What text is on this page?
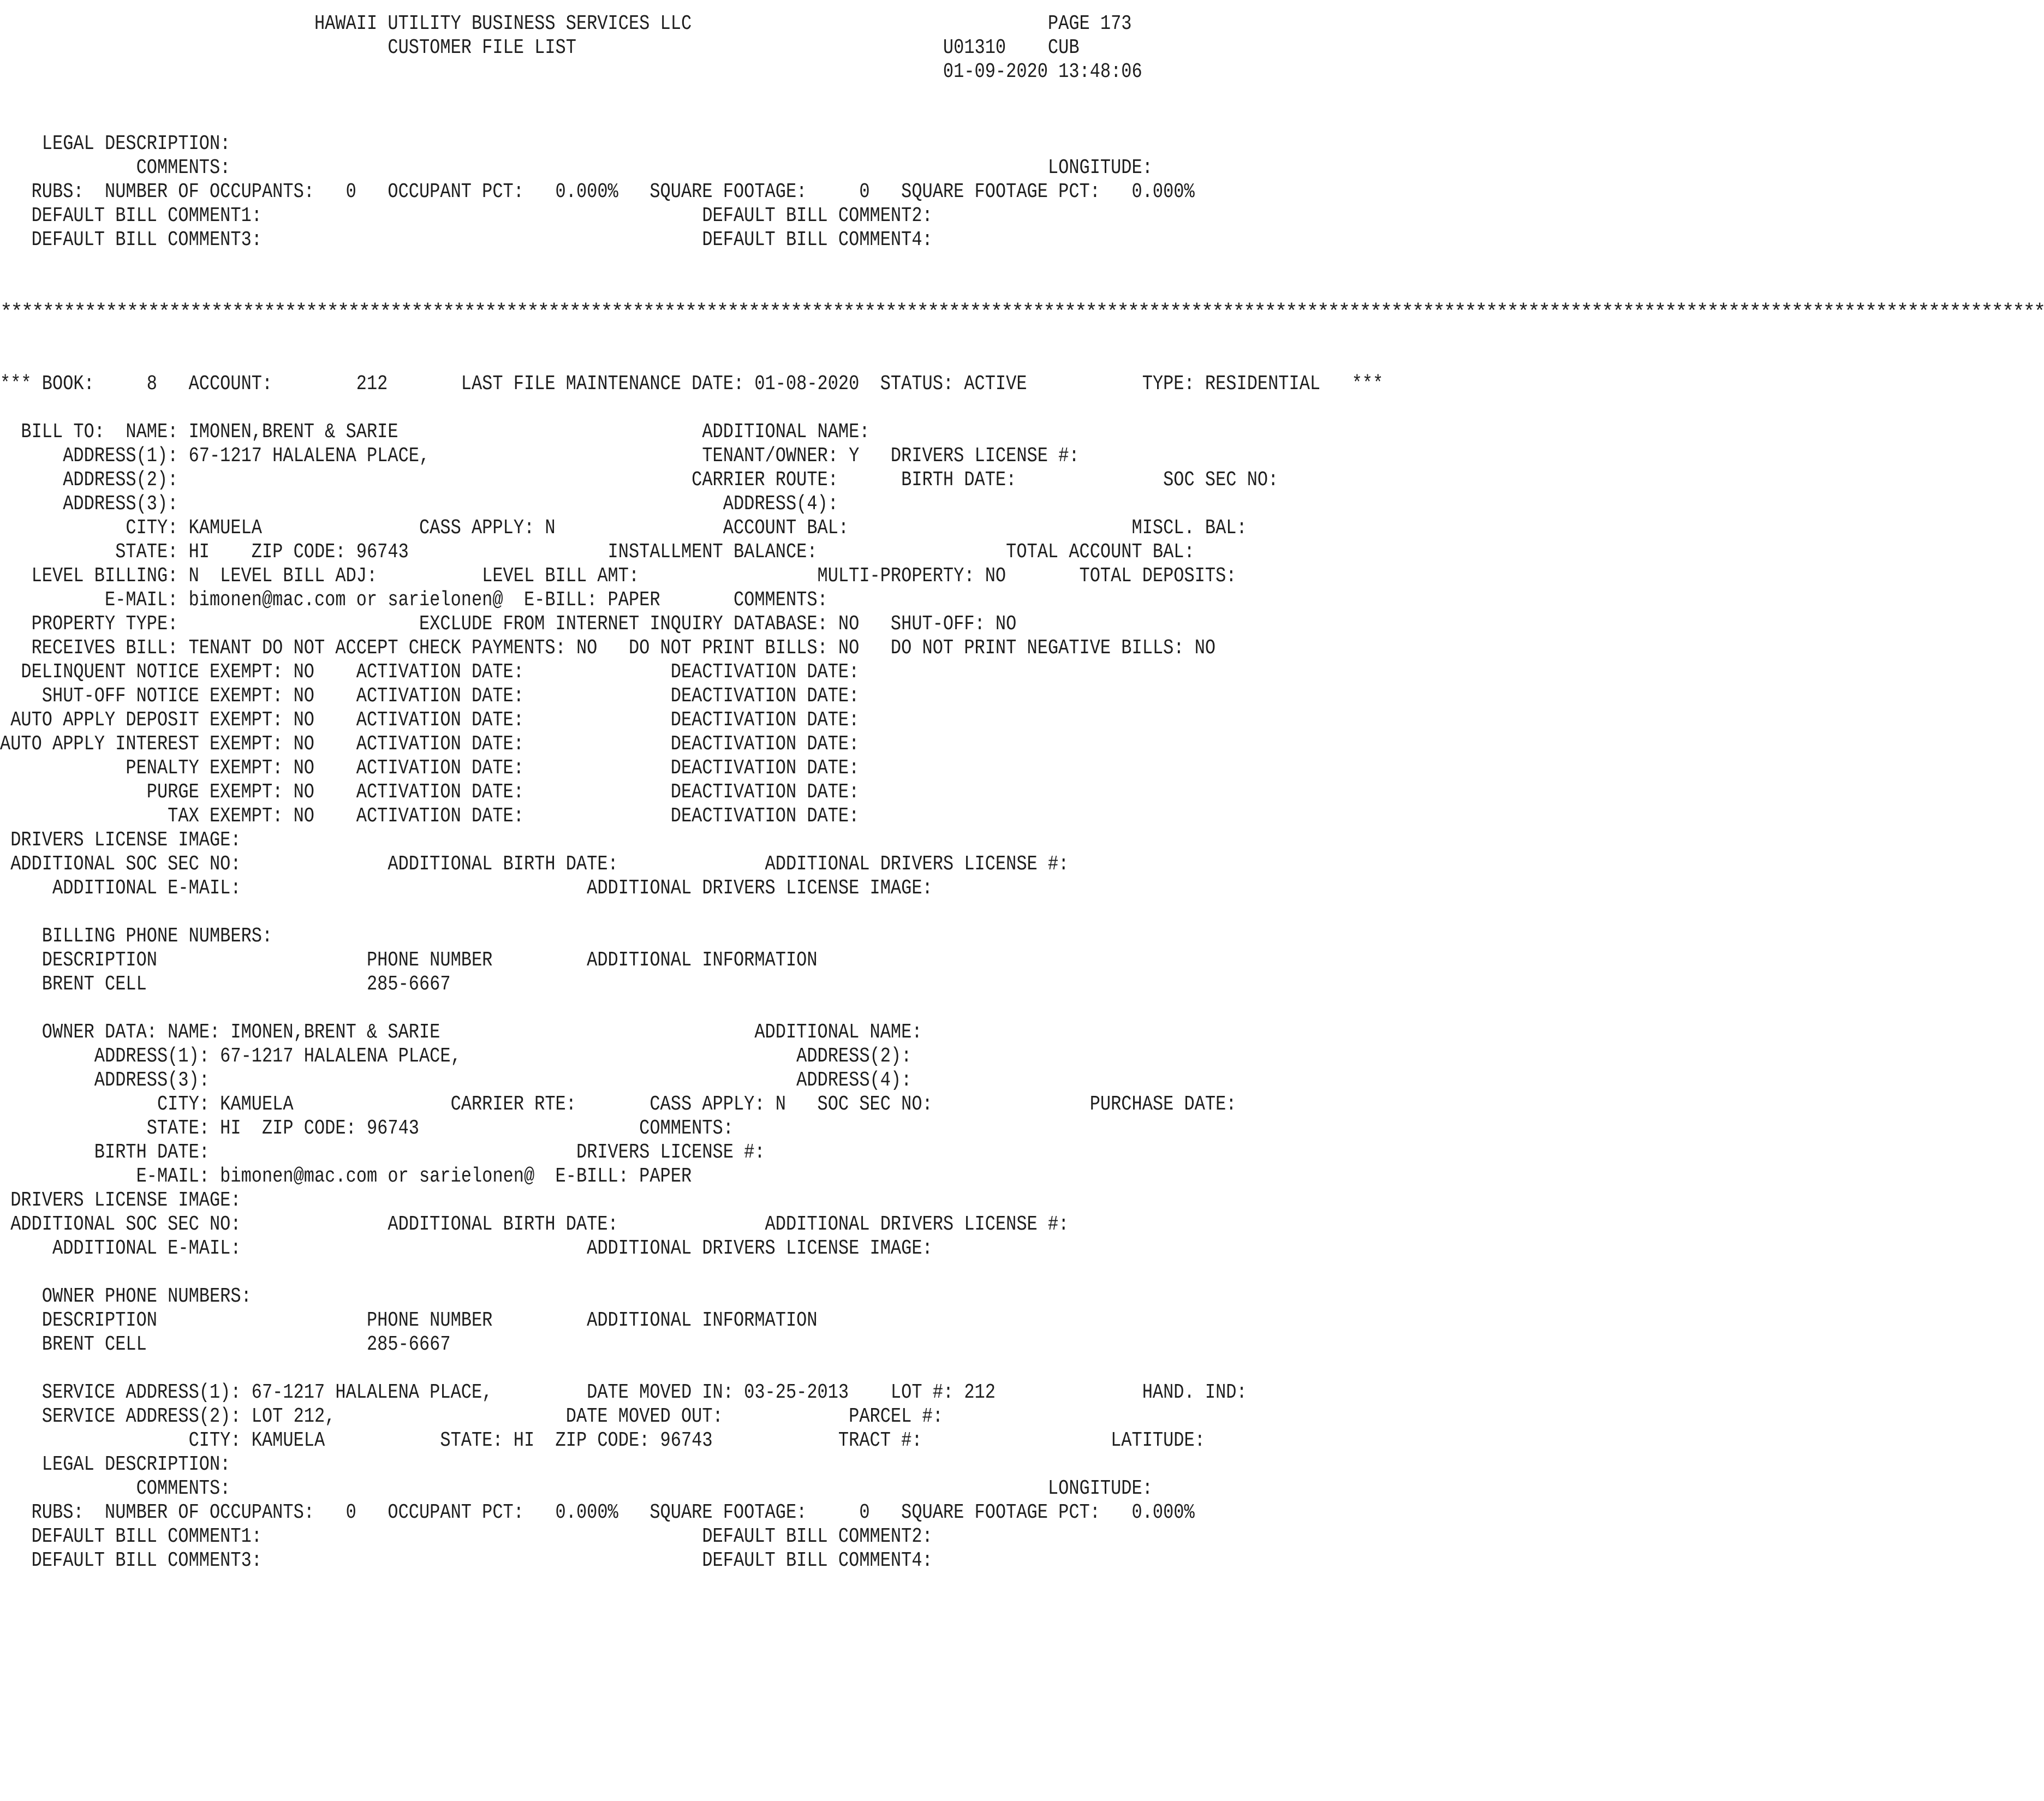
**************************************************************************************************************************************************************************************************
HAWAII UTILITY BUSINESS SERVICES LLC                                  PAGE 173
CUSTOMER FILE LIST                                   U01310    CUB
01-09-2020 13:48:06
LEGAL DESCRIPTION:
COMMENTS:                                                                              LONGITUDE:
RUBS:  NUMBER OF OCCUPANTS:   0   OCCUPANT PCT:   0.000%   SQUARE FOOTAGE:     0   SQUARE FOOTAGE PCT:   0.000%
DEFAULT BILL COMMENT1:                                          DEFAULT BILL COMMENT2:
DEFAULT BILL COMMENT3:                                          DEFAULT BILL COMMENT4:
*** BOOK:     8   ACCOUNT:        212       LAST FILE MAINTENANCE DATE: 01-08-2020  STATUS: ACTIVE           TYPE: RESIDENTIAL   ***
BILL TO:  NAME: IMONEN,BRENT & SARIE                             ADDITIONAL NAME:
ADDRESS(1): 67-1217 HALALENA PLACE,                          TENANT/OWNER: Y   DRIVERS LICENSE #:
ADDRESS(2):                                                 CARRIER ROUTE:      BIRTH DATE:              SOC SEC NO:
ADDRESS(3):                                                    ADDRESS(4):
CITY: KAMUELA               CASS APPLY: N                ACCOUNT BAL:                           MISCL. BAL:
STATE: HI    ZIP CODE: 96743                   INSTALLMENT BALANCE:                  TOTAL ACCOUNT BAL:
LEVEL BILLING: N  LEVEL BILL ADJ:          LEVEL BILL AMT:                 MULTI-PROPERTY: NO       TOTAL DEPOSITS:
E-MAIL: bimonen@mac.com or sarielonen@  E-BILL: PAPER       COMMENTS:
PROPERTY TYPE:                       EXCLUDE FROM INTERNET INQUIRY DATABASE: NO   SHUT-OFF: NO
RECEIVES BILL: TENANT DO NOT ACCEPT CHECK PAYMENTS: NO   DO NOT PRINT BILLS: NO   DO NOT PRINT NEGATIVE BILLS: NO
DELINQUENT NOTICE EXEMPT: NO    ACTIVATION DATE:              DEACTIVATION DATE:
SHUT-OFF NOTICE EXEMPT: NO    ACTIVATION DATE:              DEACTIVATION DATE:
AUTO APPLY DEPOSIT EXEMPT: NO    ACTIVATION DATE:              DEACTIVATION DATE:
AUTO APPLY INTEREST EXEMPT: NO    ACTIVATION DATE:              DEACTIVATION DATE:
PENALTY EXEMPT: NO    ACTIVATION DATE:              DEACTIVATION DATE:
PURGE EXEMPT: NO    ACTIVATION DATE:              DEACTIVATION DATE:
TAX EXEMPT: NO    ACTIVATION DATE:              DEACTIVATION DATE:
DRIVERS LICENSE IMAGE:
ADDITIONAL SOC SEC NO:              ADDITIONAL BIRTH DATE:              ADDITIONAL DRIVERS LICENSE #:
ADDITIONAL E-MAIL:                                 ADDITIONAL DRIVERS LICENSE IMAGE:
BILLING PHONE NUMBERS:
DESCRIPTION                    PHONE NUMBER         ADDITIONAL INFORMATION
BRENT CELL                     285-6667
OWNER DATA: NAME: IMONEN,BRENT & SARIE                              ADDITIONAL NAME:
ADDRESS(1): 67-1217 HALALENA PLACE,                                ADDRESS(2):
ADDRESS(3):                                                        ADDRESS(4):
CITY: KAMUELA               CARRIER RTE:       CASS APPLY: N   SOC SEC NO:               PURCHASE DATE:
STATE: HI  ZIP CODE: 96743                     COMMENTS:
BIRTH DATE:                                   DRIVERS LICENSE #:
E-MAIL: bimonen@mac.com or sarielonen@  E-BILL: PAPER
DRIVERS LICENSE IMAGE:
ADDITIONAL SOC SEC NO:              ADDITIONAL BIRTH DATE:              ADDITIONAL DRIVERS LICENSE #:
ADDITIONAL E-MAIL:                                 ADDITIONAL DRIVERS LICENSE IMAGE:
OWNER PHONE NUMBERS:
DESCRIPTION                    PHONE NUMBER         ADDITIONAL INFORMATION
BRENT CELL                     285-6667
SERVICE ADDRESS(1): 67-1217 HALALENA PLACE,         DATE MOVED IN: 03-25-2013    LOT #: 212              HAND. IND:
SERVICE ADDRESS(2): LOT 212,                      DATE MOVED OUT:            PARCEL #:
CITY: KAMUELA           STATE: HI  ZIP CODE: 96743            TRACT #:                  LATITUDE:
LEGAL DESCRIPTION:
COMMENTS:                                                                              LONGITUDE:
RUBS:  NUMBER OF OCCUPANTS:   0   OCCUPANT PCT:   0.000%   SQUARE FOOTAGE:     0   SQUARE FOOTAGE PCT:   0.000%
DEFAULT BILL COMMENT1:                                          DEFAULT BILL COMMENT2:
DEFAULT BILL COMMENT3:                                          DEFAULT BILL COMMENT4:
